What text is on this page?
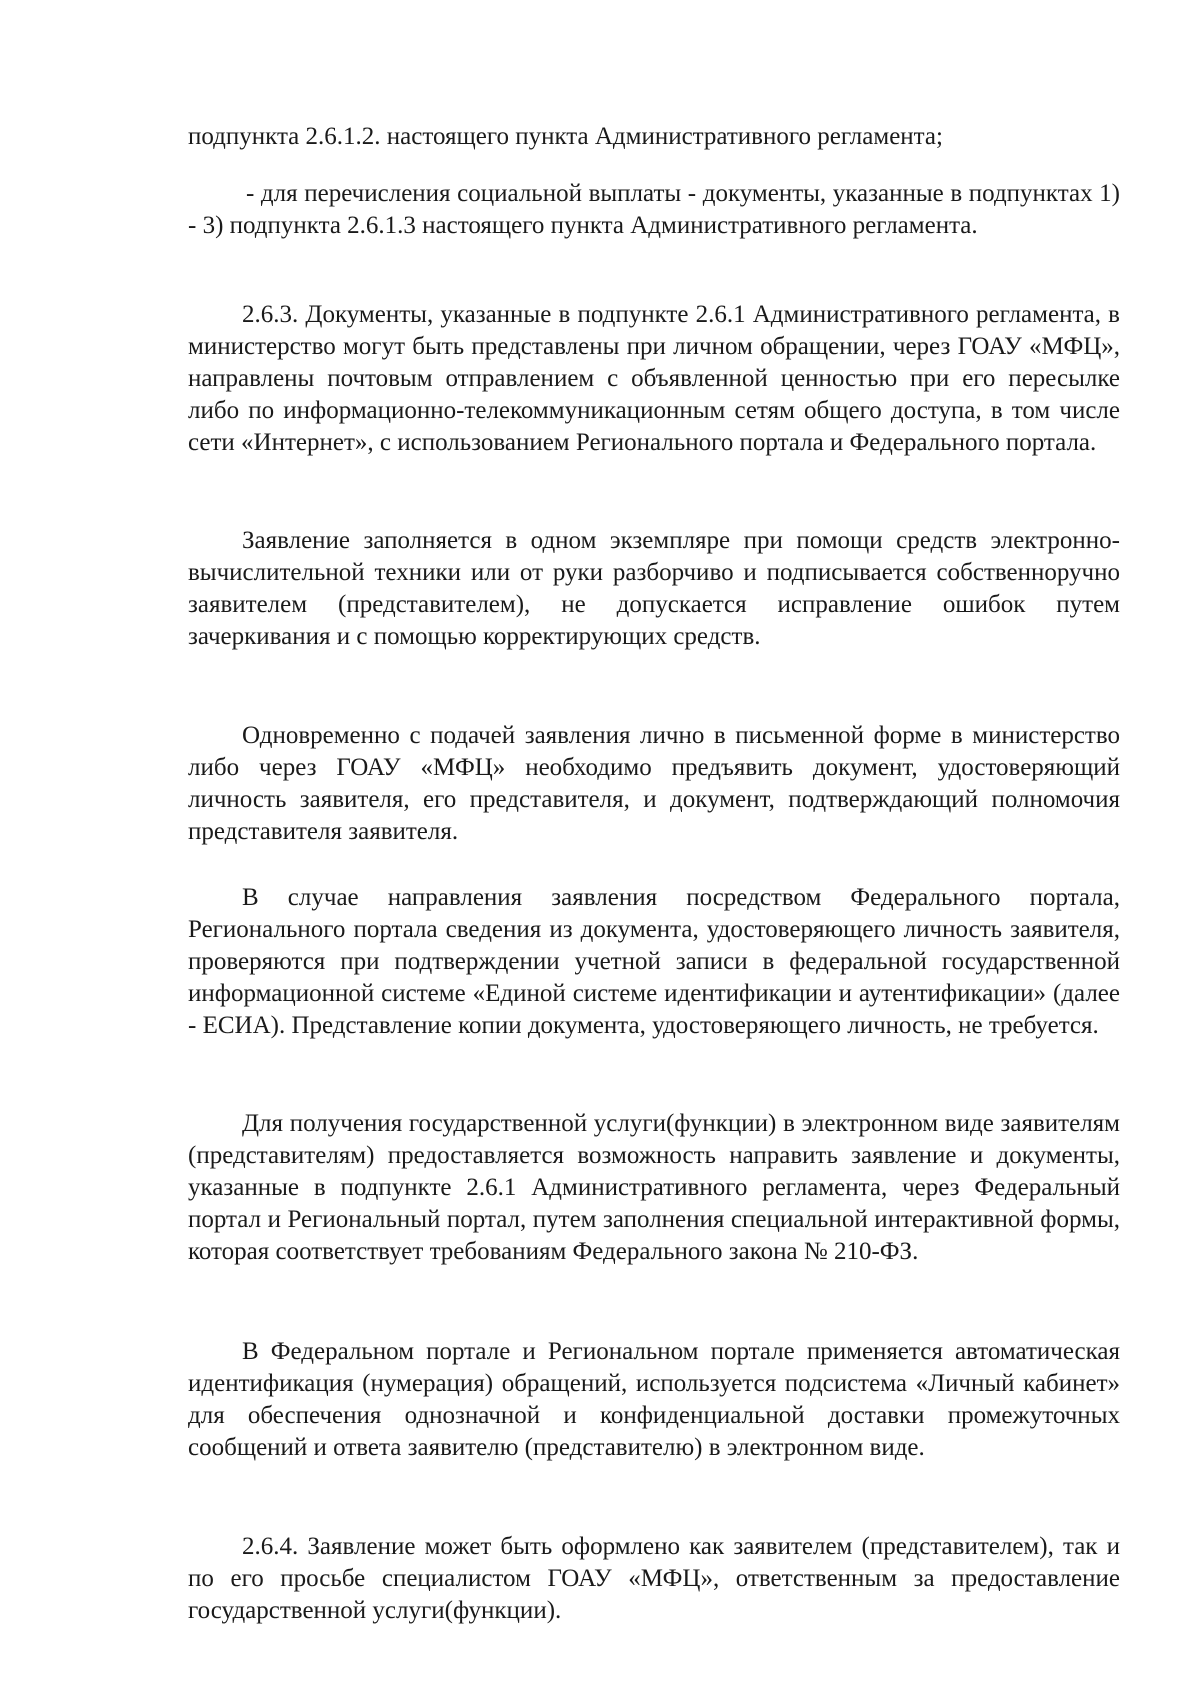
подпункта 2.6.1.2. настоящего пункта Административного регламента;

- для перечисления социальной выплаты - документы, указанные в подпунктах 1) - 3) подпункта 2.6.1.3 настоящего пункта Административного регламента.

2.6.3. Документы, указанные в подпункте 2.6.1 Административного регламента, в министерство могут быть представлены при личном обращении, через ГОАУ «МФЦ», направлены почтовым отправлением с объявленной ценностью при его пересылке либо по информационно-телекоммуникационным сетям общего доступа, в том числе сети «Интернет», с использованием Регионального портала и Федерального портала.

Заявление заполняется в одном экземпляре при помощи средств электронно-вычислительной техники или от руки разборчиво и подписывается собственноручно заявителем (представителем), не допускается исправление ошибок путем зачеркивания и с помощью корректирующих средств.

Одновременно с подачей заявления лично в письменной форме в министерство либо через ГОАУ «МФЦ» необходимо предъявить документ, удостоверяющий личность заявителя, его представителя, и документ, подтверждающий полномочия представителя заявителя.

В случае направления заявления посредством Федерального портала, Регионального портала сведения из документа, удостоверяющего личность заявителя, проверяются при подтверждении учетной записи в федеральной государственной информационной системе «Единой системе идентификации и аутентификации» (далее - ЕСИА). Представление копии документа, удостоверяющего личность, не требуется.

Для получения государственной услуги(функции) в электронном виде заявителям (представителям) предоставляется возможность направить заявление и документы, указанные в подпункте 2.6.1 Административного регламента, через Федеральный портал и Региональный портал, путем заполнения специальной интерактивной формы, которая соответствует требованиям Федерального закона № 210-ФЗ.

В Федеральном портале и Региональном портале применяется автоматическая идентификация (нумерация) обращений, используется подсистема «Личный кабинет» для обеспечения однозначной и конфиденциальной доставки промежуточных сообщений и ответа заявителю (представителю) в электронном виде.

2.6.4. Заявление может быть оформлено как заявителем (представителем), так и по его просьбе специалистом ГОАУ «МФЦ», ответственным за предоставление государственной услуги(функции).
